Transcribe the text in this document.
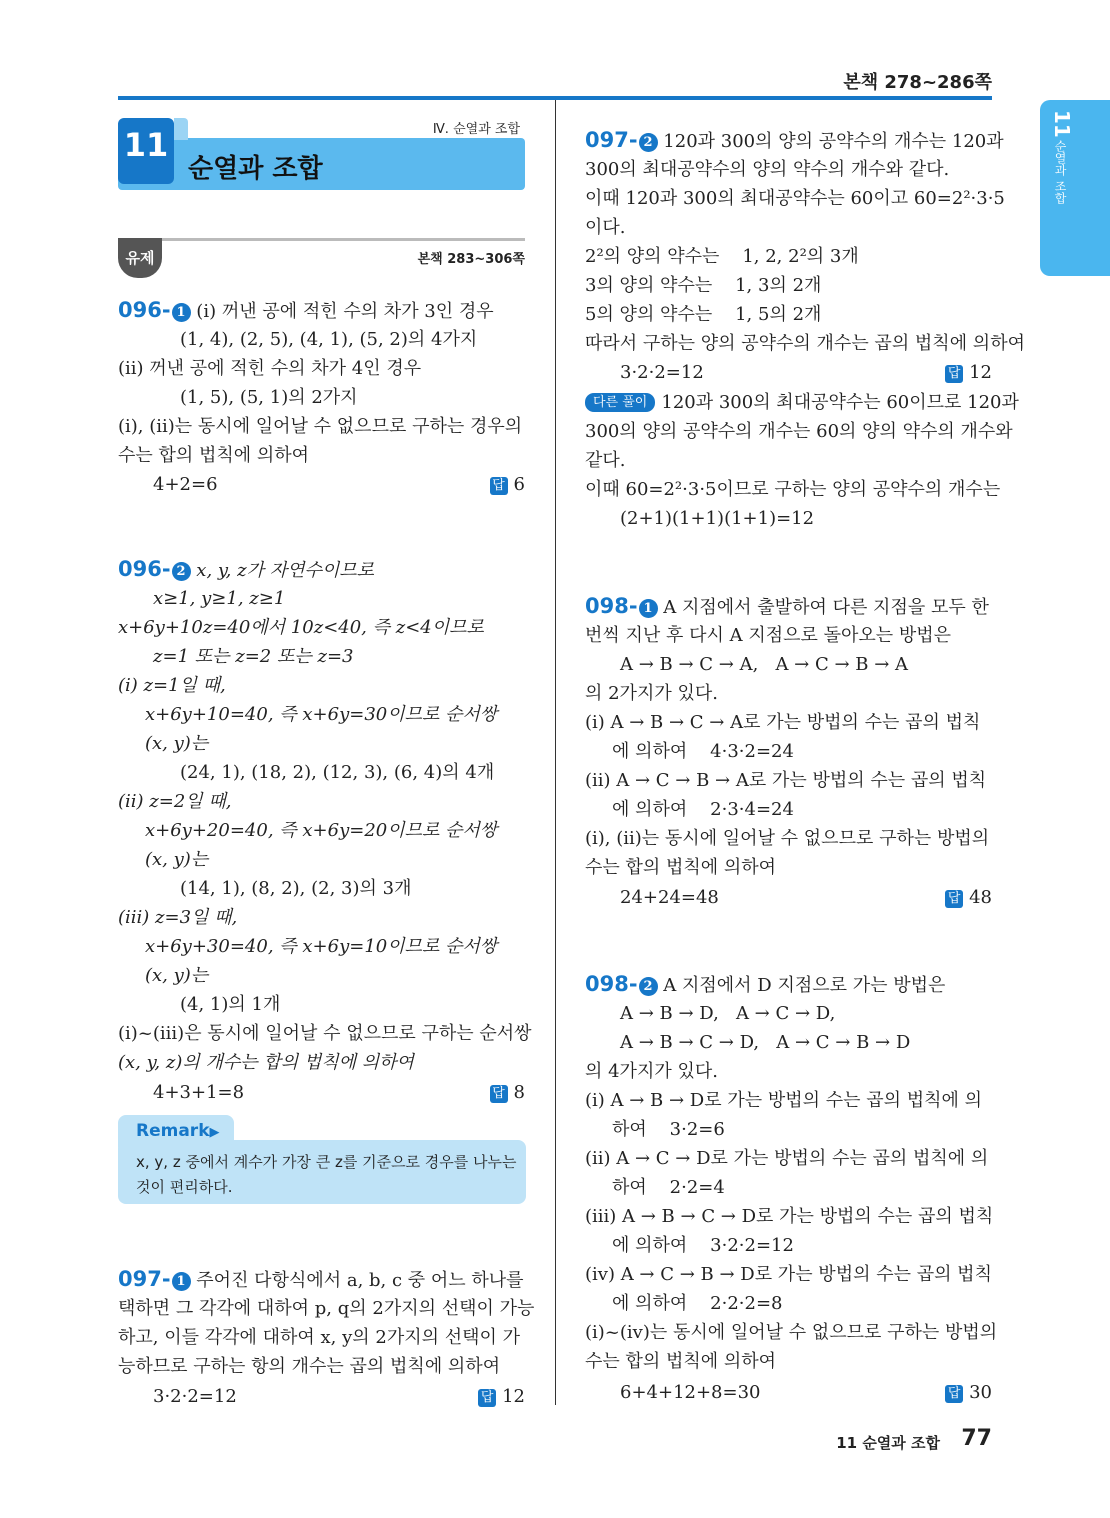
본책 278~286쪽
11
순열과 조합
11
순열과 조합
Ⅳ. 순열과 조합
유제	본책 283~306쪽
096- 1 (ⅰ) 꺼낸 공에 적힌 수의 차가 3인 경우
(1, 4), (2, 5), (4, 1), (5, 2)의 4가지
(ⅱ) 꺼낸 공에 적힌 수의 차가 4인 경우
(1, 5), (5, 1)의 2가지
(ⅰ), (ⅱ)는 동시에 일어날 수 없으므로 구하는 경우의
수는 합의 법칙에 의하여
4+2=6	답 6
096- 2 x, y, z가 자연수이므로
x≥1, y≥1, z≥1
x+6y+10z=40에서 10z<40, 즉 z<4이므로
z=1 또는 z=2 또는 z=3
(ⅰ) z=1일 때,
x+6y+10=40, 즉 x+6y=30이므로 순서쌍
(x, y)는
(24, 1), (18, 2), (12, 3), (6, 4)의 4개
(ⅱ) z=2일 때,
x+6y+20=40, 즉 x+6y=20이므로 순서쌍
(x, y)는
(14, 1), (8, 2), (2, 3)의 3개
(ⅲ) z=3일 때,
x+6y+30=40, 즉 x+6y=10이므로 순서쌍
(x, y)는
(4, 1)의 1개
(ⅰ)~(ⅲ)은 동시에 일어날 수 없으므로 구하는 순서쌍
(x, y, z)의 개수는 합의 법칙에 의하여
4+3+1=8	답 8
Remark▶
x, y, z 중에서 계수가 가장 큰 z를 기준으로 경우를 나누는
것이 편리하다.
097- 1 주어진 다항식에서 a, b, c 중 어느 하나를
택하면 그 각각에 대하여 p, q의 2가지의 선택이 가능
하고, 이들 각각에 대하여 x, y의 2가지의 선택이 가
능하므로 구하는 항의 개수는 곱의 법칙에 의하여
3·2·2=12	답 12
097- 2 120과 300의 양의 공약수의 개수는 120과
300의 최대공약수의 양의 약수의 개수와 같다.
이때 120과 300의 최대공약수는 60이고 60=2²·3·5
이다.
2²의 양의 약수는    1, 2, 2²의 3개
3의 양의 약수는    1, 3의 2개
5의 양의 약수는    1, 5의 2개
따라서 구하는 양의 공약수의 개수는 곱의 법칙에 의하여
3·2·2=12	답 12
다른 풀이 120과 300의 최대공약수는 60이므로 120과
300의 양의 공약수의 개수는 60의 양의 약수의 개수와
같다.
이때 60=2²·3·5이므로 구하는 양의 공약수의 개수는
(2+1)(1+1)(1+1)=12
098- 1 A 지점에서 출발하여 다른 지점을 모두 한
번씩 지난 후 다시 A 지점으로 돌아오는 방법은
A → B → C → A,   A → C → B → A
의 2가지가 있다.
(ⅰ) A → B → C → A로 가는 방법의 수는 곱의 법칙
에 의하여    4·3·2=24
(ⅱ) A → C → B → A로 가는 방법의 수는 곱의 법칙
에 의하여    2·3·4=24
(ⅰ), (ⅱ)는 동시에 일어날 수 없으므로 구하는 방법의
수는 합의 법칙에 의하여
24+24=48	답 48
098- 2 A 지점에서 D 지점으로 가는 방법은
A → B → D,   A → C → D,
A → B → C → D,   A → C → B → D
의 4가지가 있다.
(ⅰ) A → B → D로 가는 방법의 수는 곱의 법칙에 의
하여    3·2=6
(ⅱ) A → C → D로 가는 방법의 수는 곱의 법칙에 의
하여    2·2=4
(ⅲ) A → B → C → D로 가는 방법의 수는 곱의 법칙
에 의하여    3·2·2=12
(ⅳ) A → C → B → D로 가는 방법의 수는 곱의 법칙
에 의하여    2·2·2=8
(ⅰ)~(ⅳ)는 동시에 일어날 수 없으므로 구하는 방법의
수는 합의 법칙에 의하여
6+4+12+8=30	답 30
11 순열과 조합 77
